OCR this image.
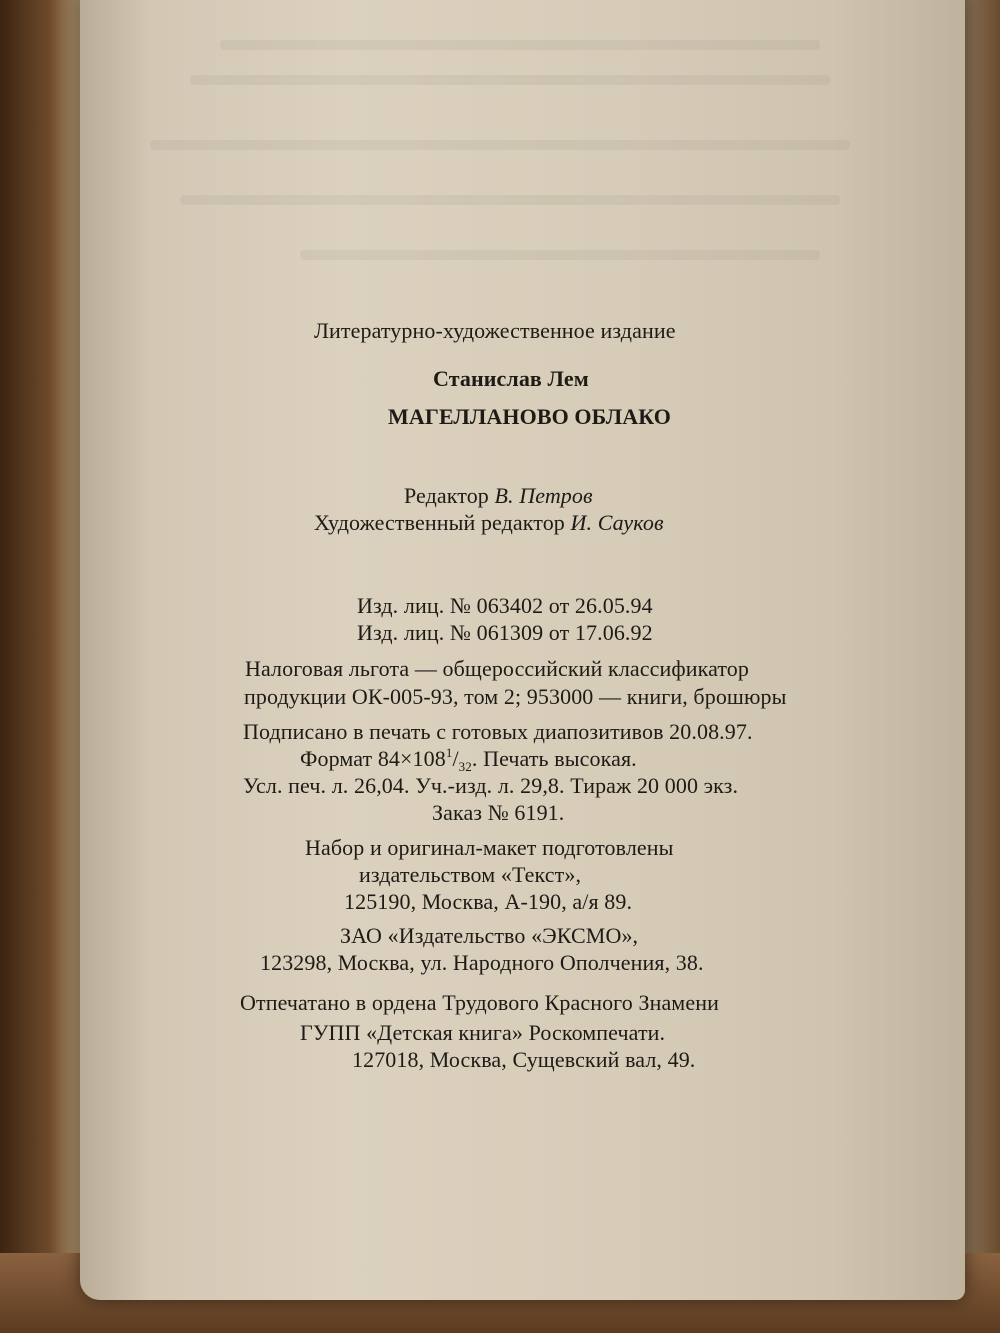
Литературно-художественное издание
Станислав Лем
МАГЕЛЛАНОВО ОБЛАКО
Редактор В. Петров
Художественный редактор И. Сауков
Изд. лиц. № 063402 от 26.05.94
Изд. лиц. № 061309 от 17.06.92
Налоговая льгота — общероссийский классификатор
продукции ОК-005-93, том 2; 953000 — книги, брошюры
Подписано в печать с готовых диапозитивов 20.08.97.
Формат $84\times 108^1/_{32}$. Печать высокая.
Усл. печ. л. 26,04. Уч.-изд. л. 29,8. Тираж 20 000 экз.
Заказ № 6191.
Набор и оригинал-макет подготовлены
издательством «Текст»,
125190, Москва, А-190, а/я 89.
ЗАО «Издательство «ЭКСМО»,
123298, Москва, ул. Народного Ополчения, 38.
Отпечатано в ордена Трудового Красного Знамени
ГУПП «Детская книга» Роскомпечати.
127018, Москва, Сущевский вал, 49.
